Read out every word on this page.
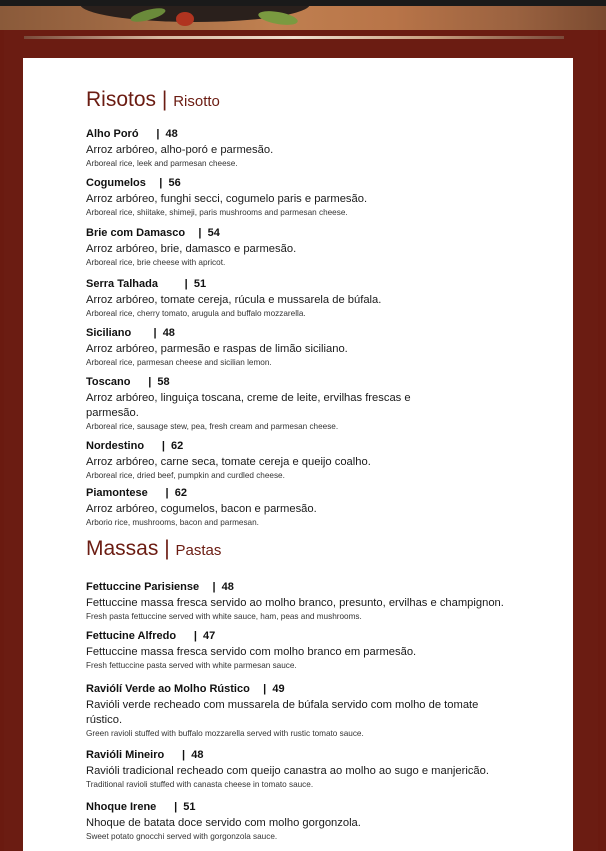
Risotos | Risotto
Alho Poró |  48
Arroz arbóreo, alho-poró e parmesão.
Arboreal rice, leek and parmesan cheese.
Cogumelos |  56
Arroz arbóreo, funghi secci, cogumelo paris e parmesão.
Arboreal rice, shiitake, shimeji, paris mushrooms and parmesan cheese.
Brie com Damasco |  54
Arroz arbóreo, brie, damasco e parmesão.
Arboreal rice, brie cheese with apricot.
Serra Talhada |  51
Arroz arbóreo, tomate cereja, rúcula e mussarela de búfala.
Arboreal rice, cherry tomato, arugula and buffalo mozzarella.
Siciliano |  48
Arroz arbóreo, parmesão e raspas de limão siciliano.
Arboreal rice, parmesan cheese and sicilian lemon.
Toscano |  58
Arroz arbóreo, linguiça toscana, creme de leite, ervilhas frescas e parmesão.
Arboreal rice, sausage stew, pea, fresh cream and parmesan cheese.
Nordestino |  62
Arroz arbóreo, carne seca, tomate cereja e queijo coalho.
Arboreal rice, dried beef, pumpkin and curdled cheese.
Piamontese |  62
Arroz arbóreo, cogumelos, bacon e parmesão.
Arborio rice, mushrooms, bacon and parmesan.
Massas | Pastas
Fettuccine Parisiense |  48
Fettuccine massa fresca servido ao molho branco, presunto, ervilhas e champignon.
Fresh pasta fettuccine served with white sauce, ham, peas and mushrooms.
Fettucine Alfredo |  47
Fettuccine massa fresca servido com molho branco em parmesão.
Fresh fettuccine pasta served with white parmesan sauce.
Raviólí Verde ao Molho Rústico |  49
Ravióli verde recheado com mussarela de búfala servido com molho de tomate rústico.
Green ravioli stuffed with buffalo mozzarella served with rustic tomato sauce.
Ravióli Mineiro |  48
Ravióli tradicional recheado com queijo canastra ao molho ao sugo e manjericão.
Traditional ravioli stuffed with canasta cheese in tomato sauce.
Nhoque Irene |  51
Nhoque de batata doce servido com molho gorgonzola.
Sweet potato gnocchi served with gorgonzola sauce.
